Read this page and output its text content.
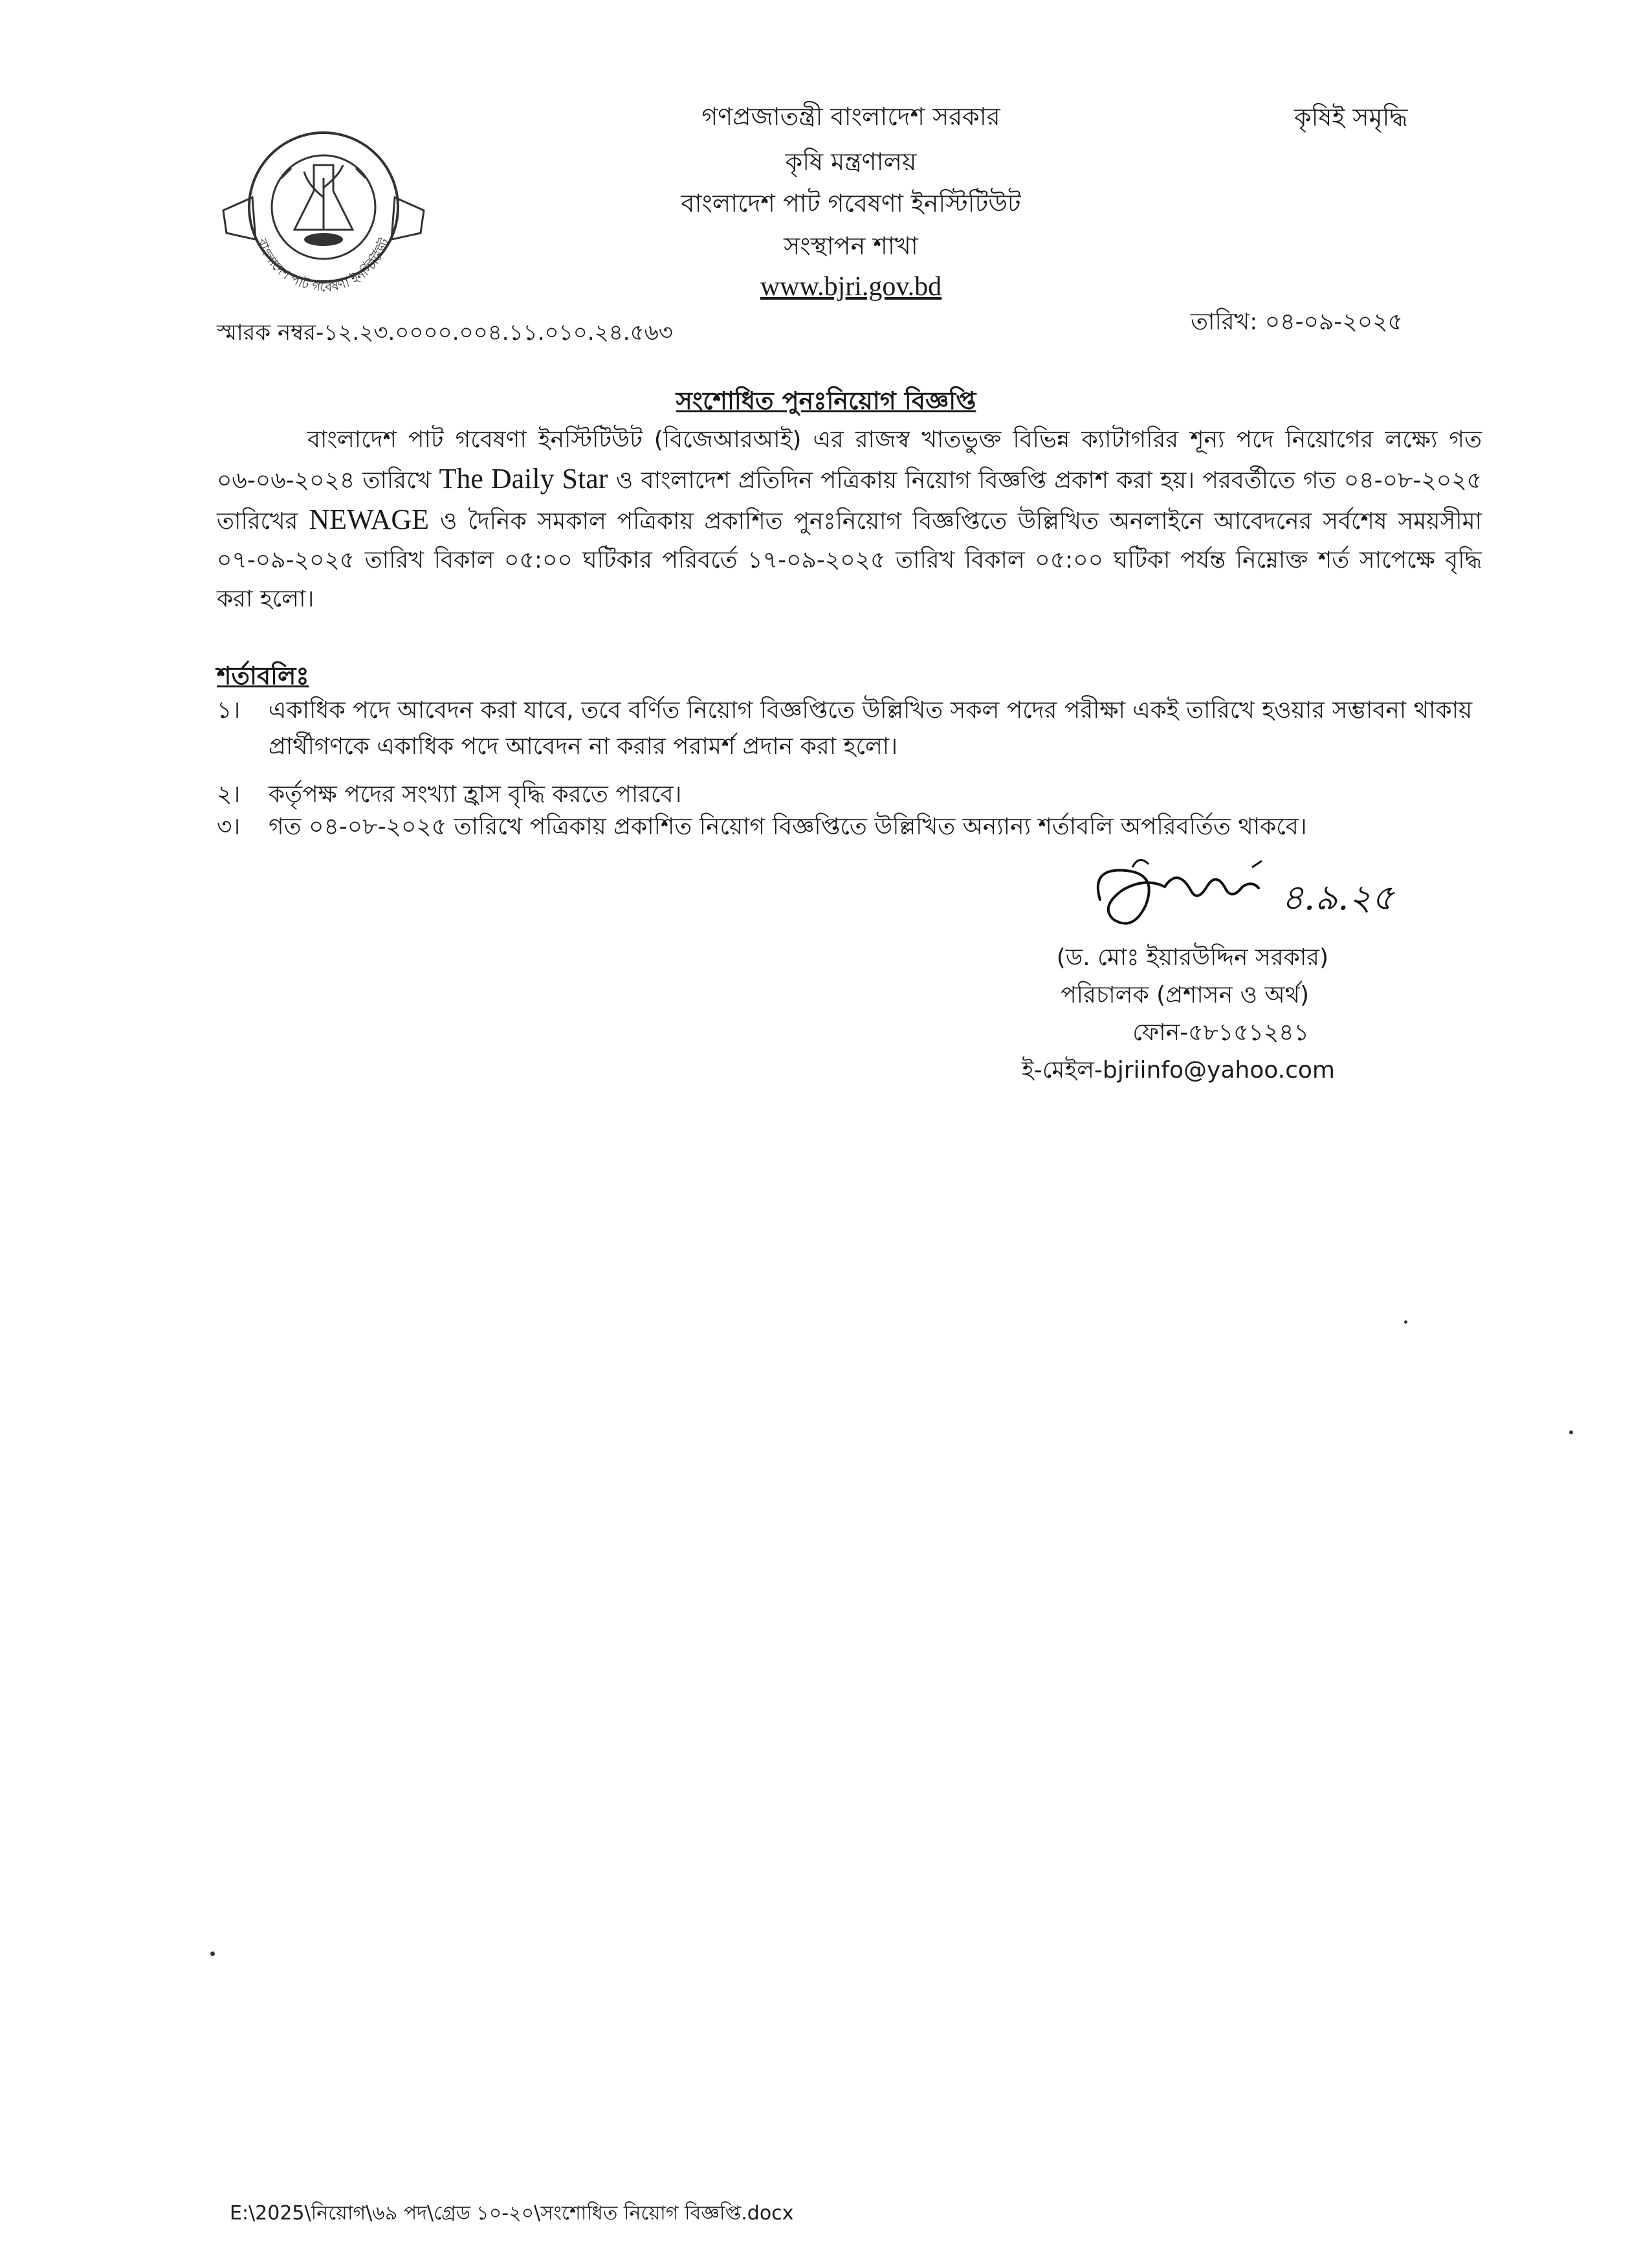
বাংলাদেশ পাট গবেষণা ইনস্টিটিউট
গণপ্রজাতন্ত্রী বাংলাদেশ সরকার
কৃষি মন্ত্রণালয়
বাংলাদেশ পাট গবেষণা ইনস্টিটিউট
সংস্থাপন শাখা
www.bjri.gov.bd
কৃষিই সমৃদ্ধি
স্মারক নম্বর-১২.২৩.০০০০.০০৪.১১.০১০.২৪.৫৬৩	তারিখ: ০৪-০৯-২০২৫
সংশোধিত পুনঃনিয়োগ বিজ্ঞপ্তি
বাংলাদেশ পাট গবেষণা ইনস্টিটিউট (বিজেআরআই) এর রাজস্ব খাতভুক্ত বিভিন্ন ক্যাটাগরির শূন্য পদে নিয়োগের লক্ষ্যে গত ০৬-০৬-২০২৪ তারিখে The Daily Star ও বাংলাদেশ প্রতিদিন পত্রিকায় নিয়োগ বিজ্ঞপ্তি প্রকাশ করা হয়। পরবর্তীতে গত ০৪-০৮-২০২৫ তারিখের NEWAGE ও দৈনিক সমকাল পত্রিকায় প্রকাশিত পুনঃনিয়োগ বিজ্ঞপ্তিতে উল্লিখিত অনলাইনে আবেদনের সর্বশেষ সময়সীমা ০৭-০৯-২০২৫ তারিখ বিকাল ০৫:০০ ঘটিকার পরিবর্তে ১৭-০৯-২০২৫ তারিখ বিকাল ০৫:০০ ঘটিকা পর্যন্ত নিম্নোক্ত শর্ত সাপেক্ষে বৃদ্ধি করা হলো।
শর্তাবলিঃ
১।	একাধিক পদে আবেদন করা যাবে, তবে বর্ণিত নিয়োগ বিজ্ঞপ্তিতে উল্লিখিত সকল পদের পরীক্ষা একই তারিখে হওয়ার সম্ভাবনা থাকায় প্রার্থীগণকে একাধিক পদে আবেদন না করার পরামর্শ প্রদান করা হলো।
২।	কর্তৃপক্ষ পদের সংখ্যা হ্রাস বৃদ্ধি করতে পারবে।
৩।	গত ০৪-০৮-২০২৫ তারিখে পত্রিকায় প্রকাশিত নিয়োগ বিজ্ঞপ্তিতে উল্লিখিত অন্যান্য শর্তাবলি অপরিবর্তিত থাকবে।
৪.৯.২৫
(ড. মোঃ ইয়ারউদ্দিন সরকার)
পরিচালক (প্রশাসন ও অর্থ)
ফোন-৫৮১৫১২৪১
ই-মেইল-bjriinfo@yahoo.com
E:\2025\নিয়োগ\৬৯ পদ\গ্রেড ১০-২০\সংশোধিত নিয়োগ বিজ্ঞপ্তি.docx
